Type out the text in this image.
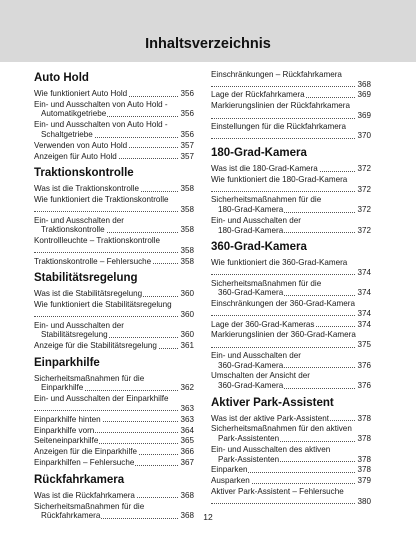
Inhaltsverzeichnis
Auto Hold
Wie funktioniert Auto Hold	356
Ein- und Ausschalten von Auto Hold -
Automatikgetriebe	356
Ein- und Ausschalten von Auto Hold -
Schaltgetriebe	356
Verwenden von Auto Hold	357
Anzeigen für Auto Hold	357
Traktionskontrolle
Was ist die Traktionskontrolle	358
Wie funktioniert die Traktionskontrolle
358
Ein- und Ausschalten der
Traktionskontrolle	358
Kontrollleuchte – Traktionskontrolle
358
Traktionskontrolle – Fehlersuche	358
Stabilitätsregelung
Was ist die Stabilitätsregelung	360
Wie funktioniert die Stabilitätsregelung
360
Ein- und Ausschalten der
Stabilitätsregelung	360
Anzeige für die Stabilitätsregelung	361
Einparkhilfe
Sicherheitsmaßnahmen für die
Einparkhilfe	362
Ein- und Ausschalten der Einparkhilfe
363
Einparkhilfe hinten	363
Einparkhilfe vorn	364
Seiteneinparkhilfe	365
Anzeigen für die Einparkhilfe	366
Einparkhilfen – Fehlersuche	367
Rückfahrkamera
Was ist die Rückfahrkamera	368
Sicherheitsmaßnahmen für die
Rückfahrkamera	368
Einschränkungen – Rückfahrkamera
368
Lage der Rückfahrkamera	369
Markierungslinien der Rückfahrkamera
369
Einstellungen für die Rückfahrkamera
370
180-Grad-Kamera
Was ist die 180-Grad-Kamera	372
Wie funktioniert die 180-Grad-Kamera
372
Sicherheitsmaßnahmen für die
180-Grad-Kamera	372
Ein- und Ausschalten der
180-Grad-Kamera	372
360-Grad-Kamera
Wie funktioniert die 360-Grad-Kamera
374
Sicherheitsmaßnahmen für die
360-Grad-Kamera	374
Einschränkungen der 360-Grad-Kamera
374
Lage der 360-Grad-Kameras	374
Markierungslinien der 360-Grad-Kamera
375
Ein- und Ausschalten der
360-Grad-Kamera	376
Umschalten der Ansicht der
360-Grad-Kamera	376
Aktiver Park-Assistent
Was ist der aktive Park-Assistent	378
Sicherheitsmaßnahmen für den aktiven
Park-Assistenten	378
Ein- und Ausschalten des aktiven
Park-Assistenten	378
Einparken	378
Ausparken	379
Aktiver Park-Assistent – Fehlersuche
380
12
